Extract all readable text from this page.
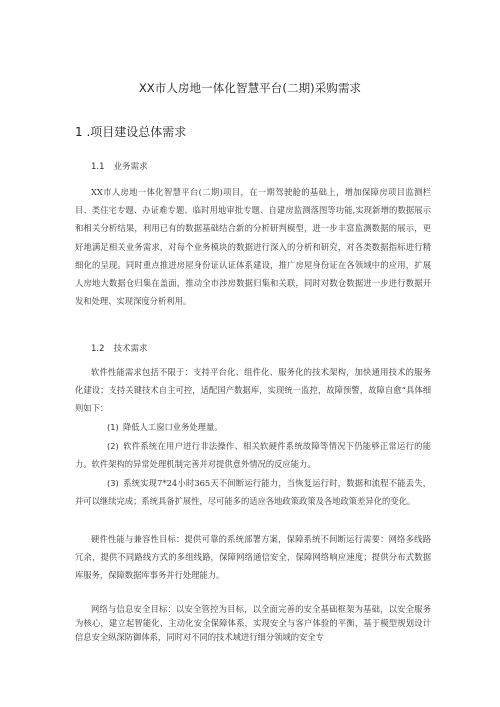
XX市人房地一体化智慧平台(二期)采购需求
1 .项目建设总体需求
1.1 业务需求
XX市人房地一体化智慧平台(二期)项目，在一期驾驶舱的基础上，增加保障房项目监测栏目、类住宅专题、办证难专题、临时用地审批专题、自建房监测落图等功能,实现新增的数据展示和相关分析结果，利用已有的数据基础结合新的分析研判模型，进一步丰富监测数据的展示，更好地满足相关业务需求，对每个业务模块的数据进行深入的分析和研究，对各类数据指标进行精细化的呈现。同时重点推进房屋身份证认证体系建设，推广房屋身份证在各领域中的应用，扩展人房地大数据仓归集在盖面，推动全市涉房数据归集和关联，同时对数仓数据进一步进行数据开发和处理、实现深度分析利用。
1.2 技术需求
软件性能需求包括不限于：支持平台化、组件化、服务化的技术架构，加快通用技术的服务化建设；支持关键技术自主可控，适配国产数据库，实现统一监控，故障预警，故障自愈“具体细则如下：
(1) 降低人工窗口业务处理量。
(2) 软件系统在用户进行非法操作、相关软硬件系统故障等情况下仍能够正常运行的能力。软件架构的异常处理机制完善并对提供意外情况的反应能力。
(3) 系统实现7*24小时365天不间断运行能力，当恢复运行时，数据和流程不能丢失，并可以继续完成；系统具备扩展性，尽可能多的适应各地政策政策及各地政策差异化的变化。
硬件性能与兼容性目标：提供可靠的系统部署方案，保障系统不间断运行需要：网络多线路冗余，提供不同路线方式的多组线路，保障网络通信安全，保障网络响应速度；提供分布式数据库服务，保障数据库事务并行处理能力。
网络与信息安全目标：以安全管控为目标，以全面完善的安全基础框架为基础，以安全服务为核心，建立起智能化、主动化安全保障体系，实现安全与客户体验的平衡，基于模型规划设计信息安全纵深防御体系，同时对不同的技术域进行细分领域的安全专
